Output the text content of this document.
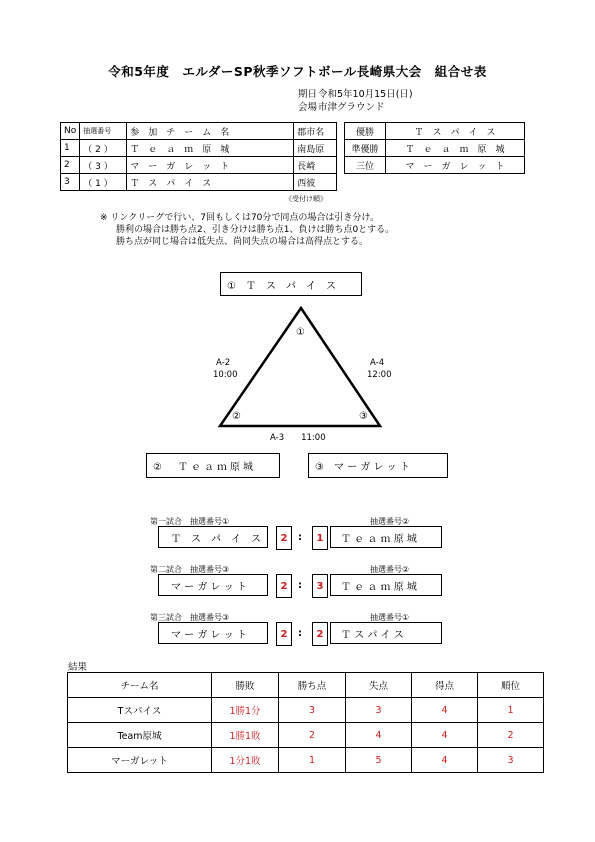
令和5年度　エルダーSP秋季ソフトボール長崎県大会　組合せ表
期日 令和5年10月15日(日)
会場 市津グラウンド
No	抽選番号	参　加　チ　ー　ム　名	郡市名
1	（ 2 ）	Ｔ　ｅ　ａ　ｍ　原　城	南島原
2	（ 3 ）	マ　ー　ガ　レ　ッ　ト	長崎
3	（ 1 ）	Ｔ　ス　パ　イ　ス	西彼
《受付け順》
優勝	Ｔ　ス　パ　イ　ス
準優勝	Ｔ　ｅ　ａ　ｍ　原　城
三位	マ　ー　ガ　レ　ッ　ト
※ リンクリーグで行い、7回もしくは70分で同点の場合は引き分け。
勝利の場合は勝ち点2、引き分けは勝ち点1、負けは勝ち点0とする。
勝ち点が同じ場合は低失点、尚同失点の場合は高得点とする。
①　Ｔ　ス　パ　イ　ス
①
②	③
A-2
10:00
A-4
12:00
A-3　　11:00
②　Ｔｅａｍ原城	③　マ ー ガ レ ッ ト
第一試合　抽選番号①	抽選番号②
Ｔ　ス　パ　イ　ス	2	:	1	Ｔ ｅ ａ ｍ 原 城
第二試合　抽選番号③	抽選番号②
マ ー ガ レ ッ ト	2	:	3	Ｔ ｅ ａ ｍ 原 城
第三試合　抽選番号③	抽選番号①
マ ー ガ レ ッ ト	2	:	2	Ｔ ス パ イ ス
結果
チーム名	勝敗	勝ち点	失点	得点	順位
Tスパイス	1勝1分	3	3	4	1
Team原城	1勝1敗	2	4	4	2
マーガレット	1分1敗	1	5	4	3
